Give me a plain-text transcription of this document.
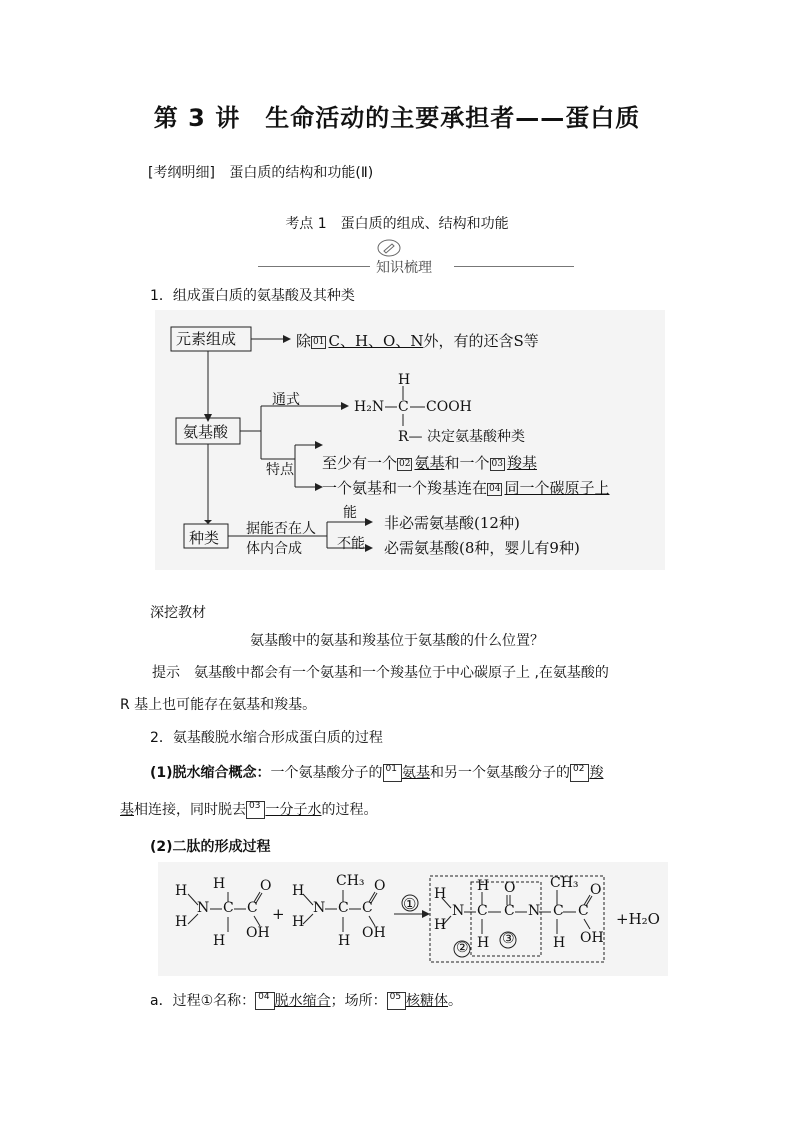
第 3 讲　生命活动的主要承担者——蛋白质
[考纲明细] 蛋白质的结构和功能(Ⅱ)
考点 1　蛋白质的组成、结构和功能
知识梳理
1．组成蛋白质的氨基酸及其种类
元素组成	除 01 C、H、O、N外，有的还含S等
氨基酸
通式
H
H₂N C COOH
R— 决定氨基酸种类
特点 至少有一个 02 氨基和一个 03 羧基
一个氨基和一个羧基连在 04 同一个碳原子上
种类 据能否在人
体内合成
能
不能
非必需氨基酸(12种)
必需氨基酸(8种，婴儿有9种)
深挖教材
氨基酸中的氨基和羧基位于氨基酸的什么位置？
提示 氨基酸中都会有一个氨基和一个羧基位于中心碳原子上 ,在氨基酸的
R 基上也可能存在氨基和羧基。
2．氨基酸脱水缩合形成蛋白质的过程
(1)脱水缩合概念：一个氨基酸分子的 $^{01}$ 氨基和另一个氨基酸分子的 $^{02}$ 羧
基相连接，同时脱去 $^{03}$ 一分子水的过程。
(2)二肽的形成过程
H
H
N
H
C
H
C
O
OH
+
H
H
N
CH₃
C
H
C
O
OH
①
H
H
N
H
C
H
O
C N
CH₃
C
H
C
O
OH
②
③
+H₂O
a．过程①名称： $^{04}$ 脱水缩合；场所： $^{05}$ 核糖体。
